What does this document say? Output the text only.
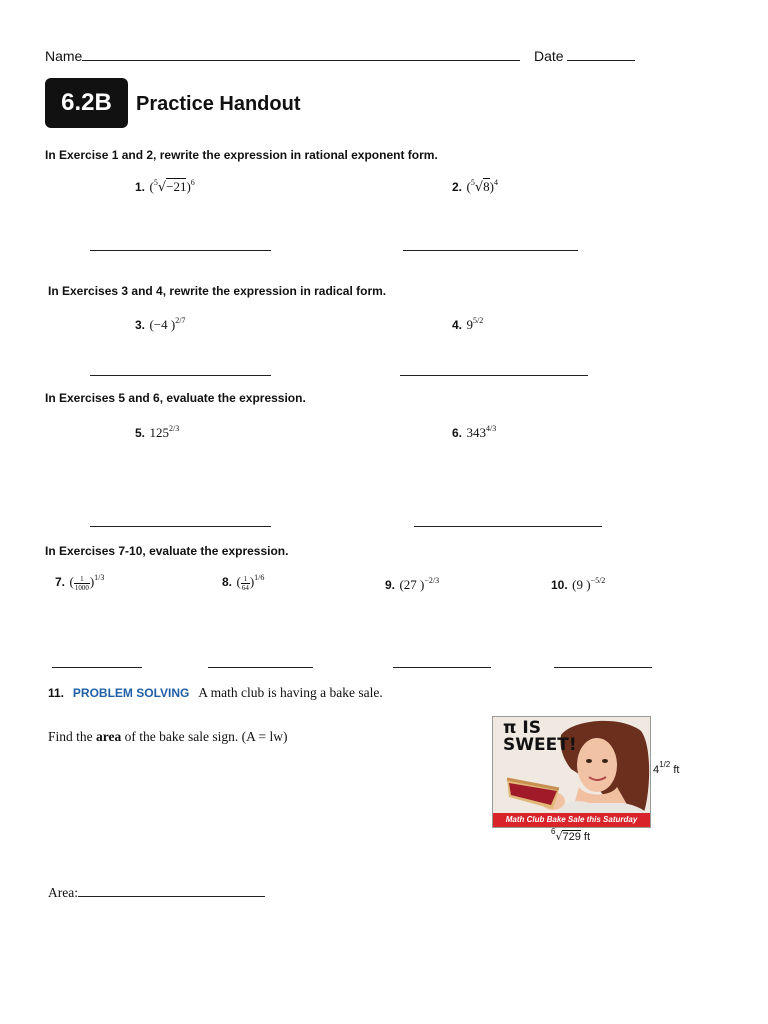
Name	Date
6.2B	Practice Handout
In Exercise 1 and 2, rewrite the expression in rational exponent form.
1. $(^5√-21)^6$	2. $(^5√8)^4$
In Exercises 3 and 4, rewrite the expression in radical form.
3. (−4 )$^{2/7}$	4. $9^{5/2}$
In Exercises 5 and 6, evaluate the expression.
5. $125^{2/3}$	6. $343^{4/3}$
In Exercises 7-10, evaluate the expression.
7. ( $\frac{1}{1000} )^{1/3}$	8. ( $\frac{1}{64} )^{1/6}$
9. (27 )$^{-2/3}$	10. (9 )$^{-5/2}$
11. PROBLEM SOLVING A math club is having a bake sale.
Find the area of the bake sale sign. (A = lw)	π IS
SWEET!
Math Club Bake Sale this Saturday
$4^{1/2}$ ft
$^6$√729 ft
Area:
